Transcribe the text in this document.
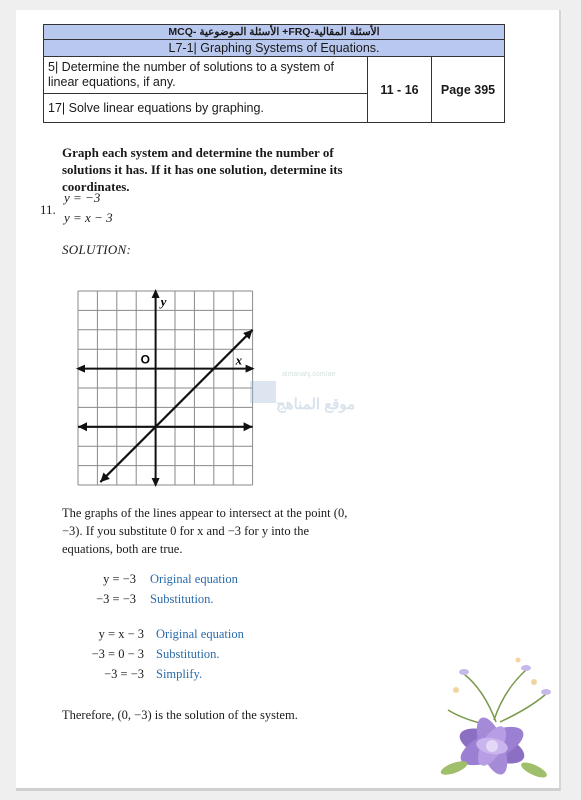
MCQ- الأسئلة الموضوعية +FRQ-الأسئلة المقالية
L7-1| Graphing Systems of Equations.
5| Determine the number of solutions to a system of linear equations, if any.	11 - 16	Page 395
17| Solve linear equations by graphing.
Graph each system and determine the number of solutions it has. If it has one solution, determine its coordinates.
11.
y = −3
y = x − 3
SOLUTION:
y
x
O
almanahj.com/ae
موقع المناهج
The graphs of the lines appear to intersect at the point (0, −3). If you substitute 0 for x and −3 for y into the equations, both are true.
y = −3 Original equation
−3 = −3 Substitution.
y = x − 3 Original equation
−3 = 0 − 3 Substitution.
−3 = −3 Simplify.
Therefore, (0, −3) is the solution of the system.
